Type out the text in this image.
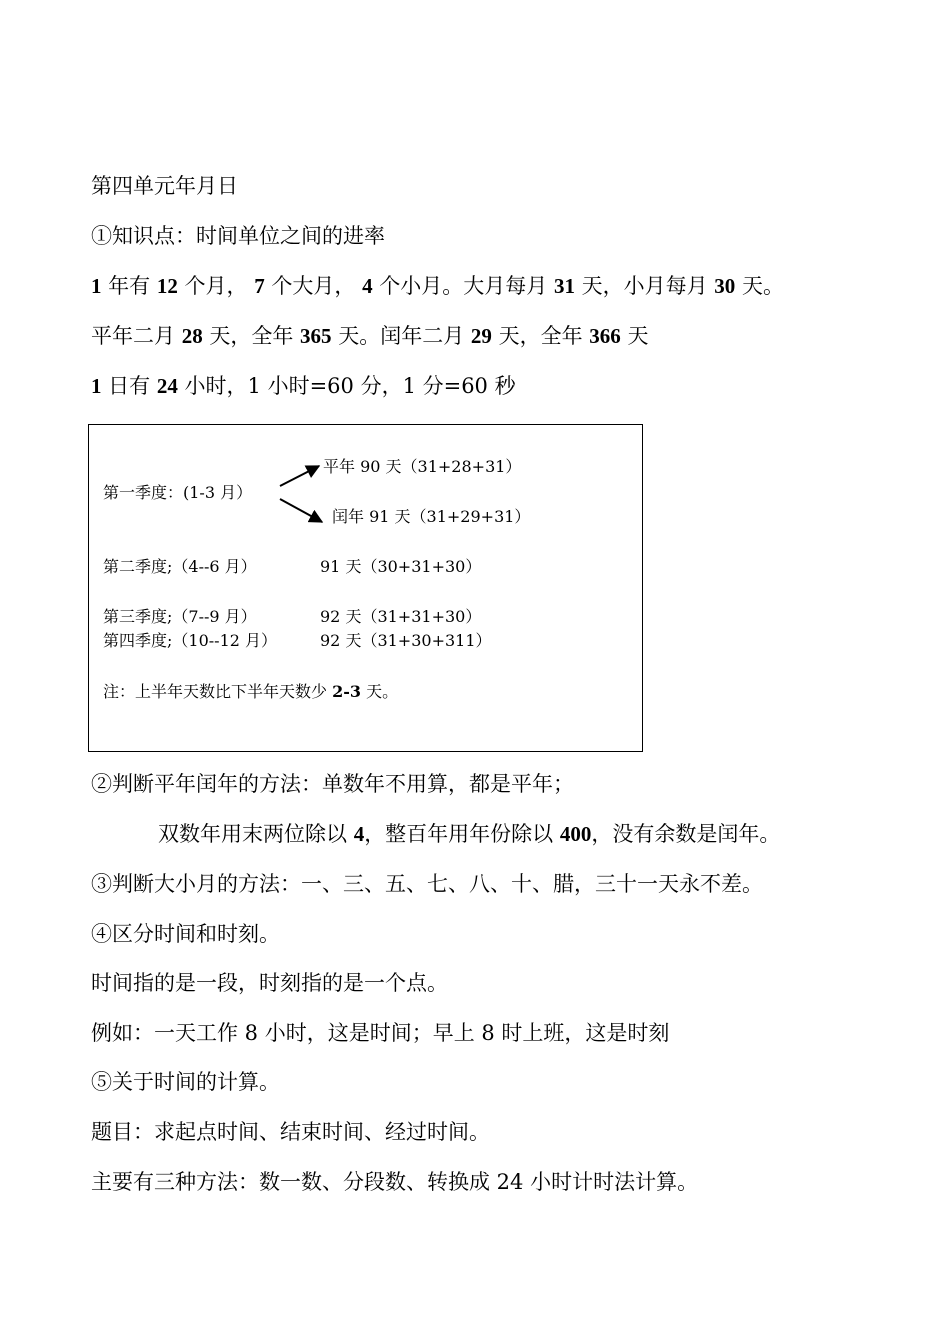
第四单元年月日
①知识点：时间单位之间的进率
1 年有 12 个月， 7 个大月， 4 个小月。大月每月 31 天，小月每月 30 天。
平年二月 28 天，全年 365 天。闰年二月 29 天，全年 366 天
1 日有 24 小时，1 小时=60 分，1 分=60 秒
第一季度：(1-3 月）
平年 90 天（31+28+31）
闰年 91 天（31+29+31）
第二季度;（4--6 月）	91 天（30+31+30）
第三季度;（7--9 月）	92 天（31+31+30）
第四季度;（10--12 月）	92 天（31+30+311）
注：上半年天数比下半年天数少 2-3 天。
②判断平年闰年的方法：单数年不用算，都是平年；
双数年用末两位除以 4，整百年用年份除以 400，没有余数是闰年。
③判断大小月的方法：一、三、五、七、八、十、腊，三十一天永不差。
④区分时间和时刻。
时间指的是一段，时刻指的是一个点。
例如：一天工作 8 小时，这是时间；早上 8 时上班，这是时刻
⑤关于时间的计算。
题目：求起点时间、结束时间、经过时间。
主要有三种方法：数一数、分段数、转换成 24 小时计时法计算。
